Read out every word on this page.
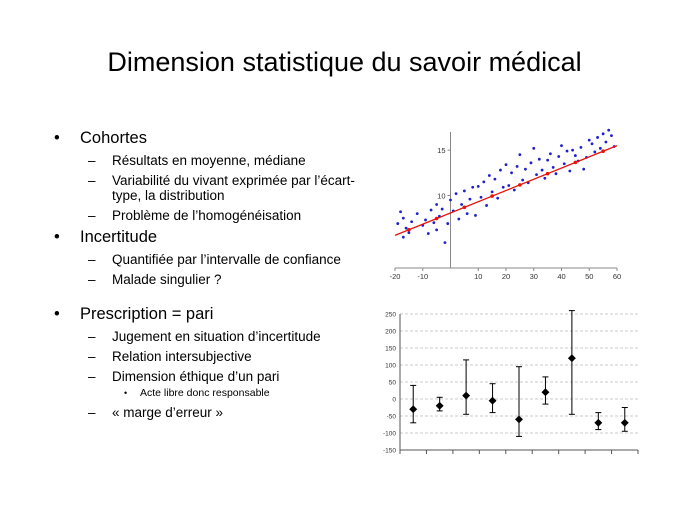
Dimension statistique du savoir médical
• Cohortes
– Résultats en moyenne, médiane
– Variabilité du vivant exprimée par l’écart-type, la distribution
– Problème de l’homogénéisation
• Incertitude
– Quantifiée par l’intervalle de confiance
– Malade singulier ?
• Prescription = pari
– Jugement en situation d’incertitude
– Relation intersubjective
– Dimension éthique d’un pari
• Acte libre donc responsable
– « marge d’erreur »
-20 -10	10	20	30	40	50	60
10
15
250
200
150
100
50
0
-50
-100
-150
